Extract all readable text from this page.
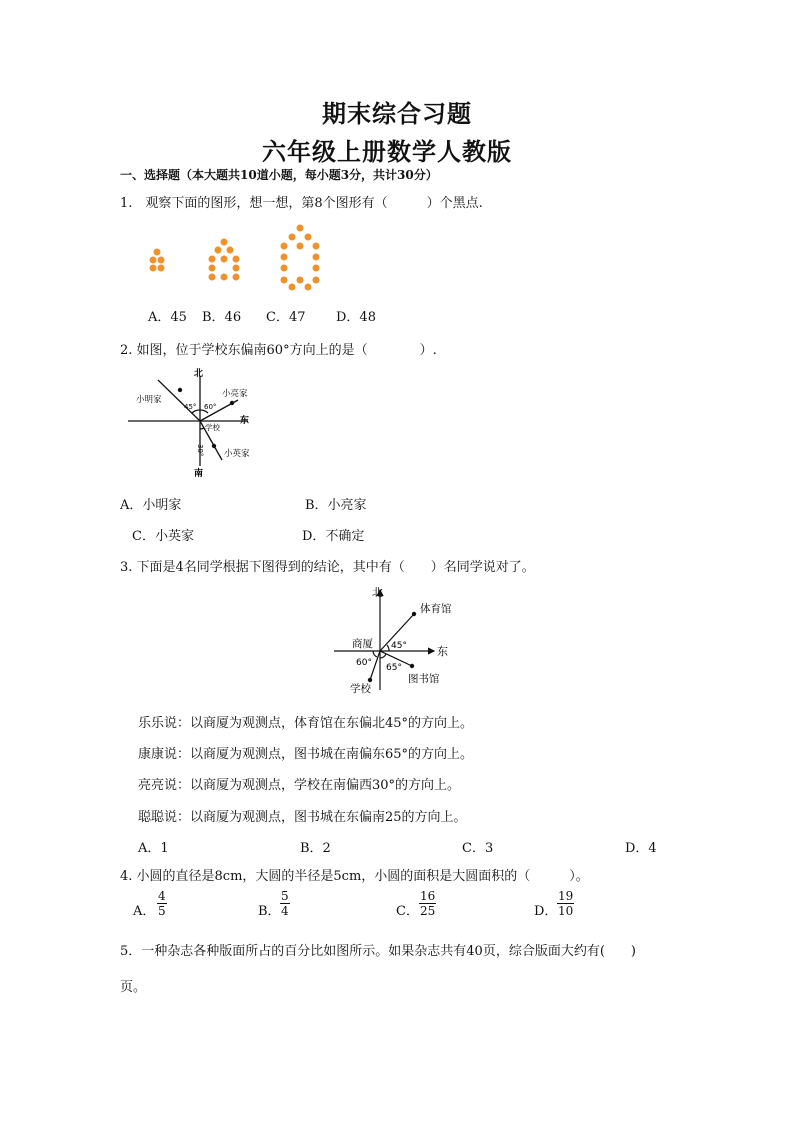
期末综合习题
六年级上册数学人教版
一、选择题（本大题共10道小题，每小题3分，共计30分）
1.　观察下面的图形，想一想，第8个图形有（　　　）个黑点.
A．45 B．46 C．47 D．48
2. 如图，位于学校东偏南60°方向上的是（　　　　）.
北
东
南
小明家
小亮家
学校
小英家
45° 60°
30°
A．小明家	B．小亮家
C．小英家	D．不确定
3. 下面是4名同学根据下图得到的结论，其中有（　　）名同学说对了。
北
东
商厦
体育馆
图书馆
学校
45°
60° 65°
乐乐说：以商厦为观测点，体育馆在东偏北45°的方向上。
康康说：以商厦为观测点，图书城在南偏东65°的方向上。
亮亮说：以商厦为观测点，学校在南偏西30°的方向上。
聪聪说：以商厦为观测点，图书城在东偏南25的方向上。
A．1	B．2	C．3	D．4
4. 小圆的直径是8cm，大圆的半径是5cm，小圆的面积是大圆面积的（　　　）。
A．
4
5	B．
5
4	C．
16
25	D．
19
10
5．一种杂志各种版面所占的百分比如图所示。如果杂志共有40页，综合版面大约有(　　)
页。
